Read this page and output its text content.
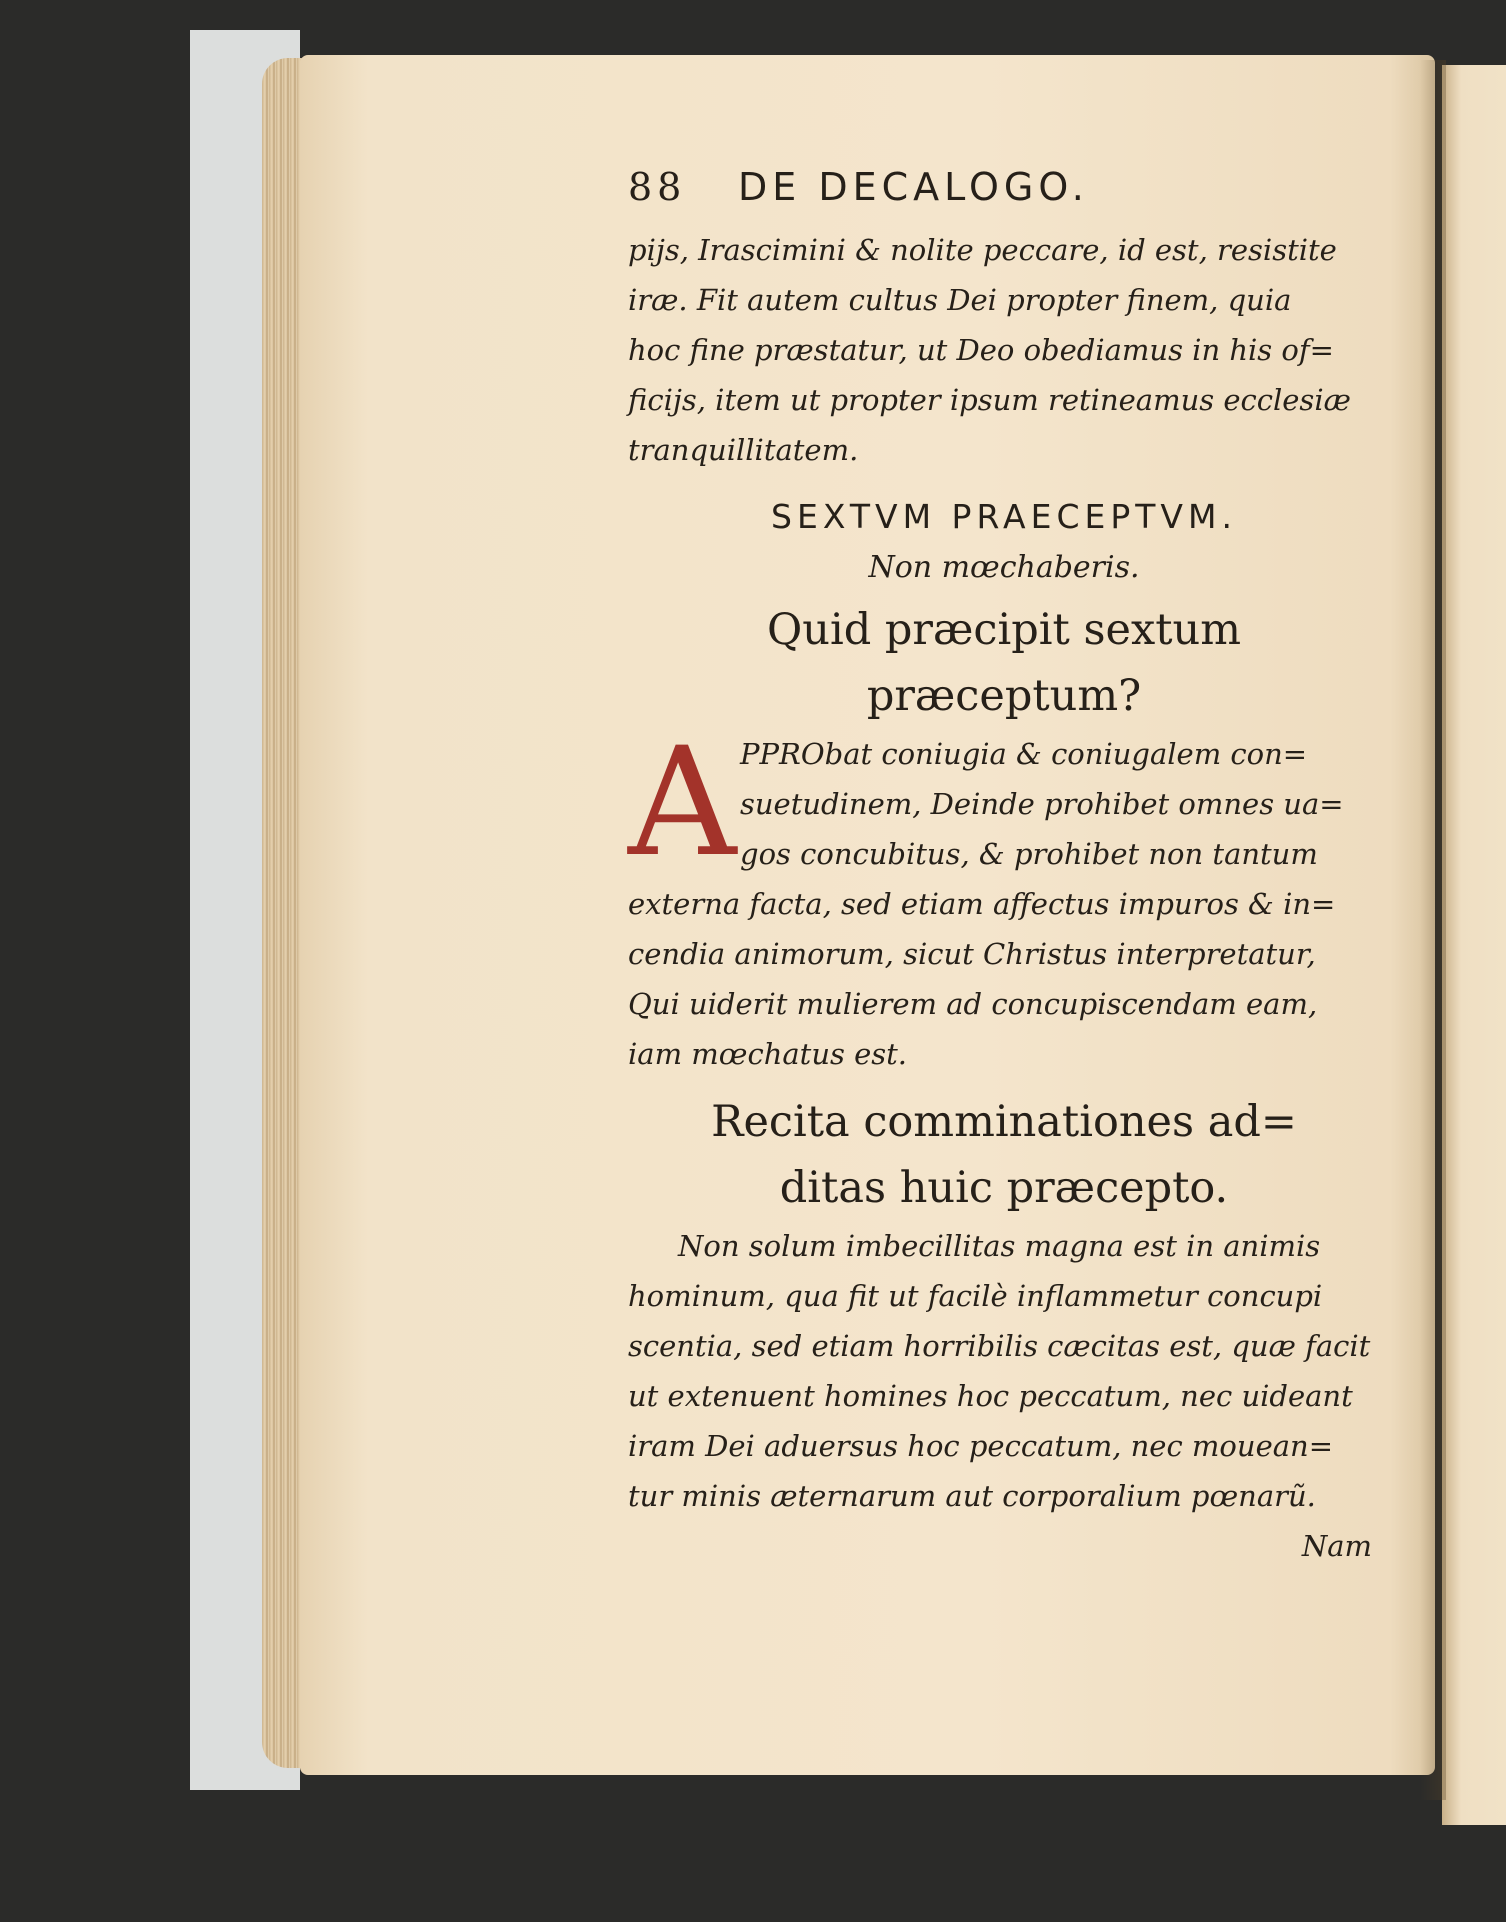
88	DE DECALOGO.
pijs, Irascimini & nolite peccare, id est, resistite
iræ. Fit autem cultus Dei propter finem, quia
hoc fine præstatur, ut Deo obediamus in his of=
ficijs, item ut propter ipsum retineamus ecclesiæ
tranquillitatem.
SEXTVM PRAECEPTVM.
Non mœchaberis.
Quid præcipit sextum
præceptum?
A PPRObat coniugia & coniugalem con=
suetudinem, Deinde prohibet omnes ua=
gos concubitus, & prohibet non tantum
externa facta, sed etiam affectus impuros & in=
cendia animorum, sicut Christus interpretatur,
Qui uiderit mulierem ad concupiscendam eam,
iam mœchatus est.
Recita comminationes ad=
ditas huic præcepto.
Non solum imbecillitas magna est in animis
hominum, qua fit ut facilè inflammetur concupi
scentia, sed etiam horribilis cæcitas est, quæ facit
ut extenuent homines hoc peccatum, nec uideant
iram Dei aduersus hoc peccatum, nec mouean=
tur minis æternarum aut corporalium pœnarũ.
Nam
